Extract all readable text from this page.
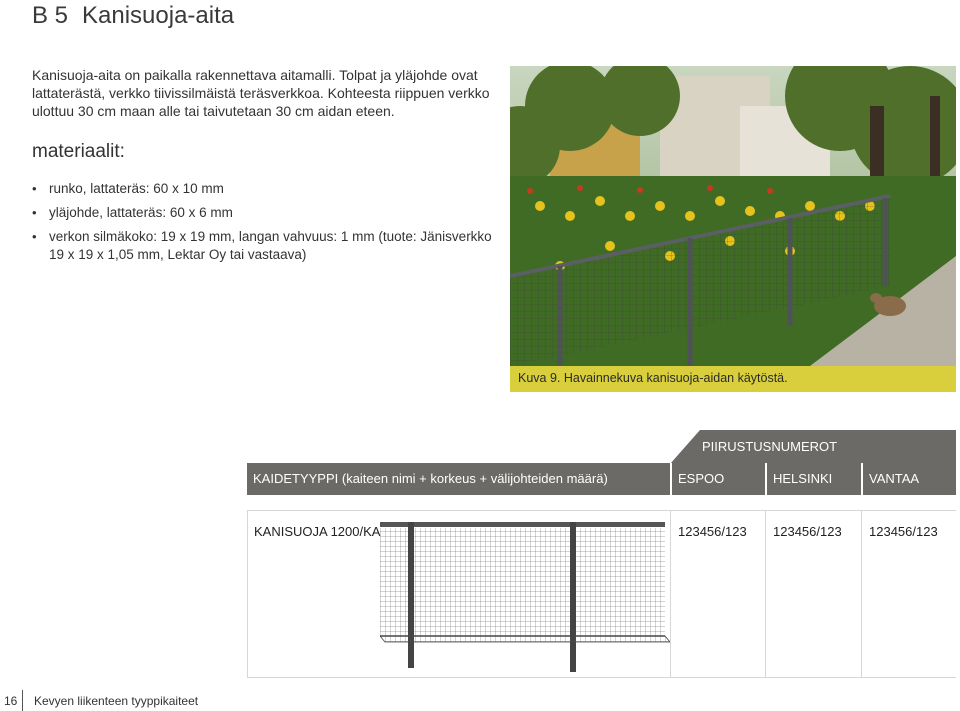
B 5 Kanisuoja-aita

Kanisuoja-aita on paikalla rakennettava aitamalli. Tolpat ja yläjohde ovat lattaterästä, verkko tiivissilmäistä teräsverkkoa. Kohteesta riippuen verkko ulottuu 30 cm maan alle tai taivutetaan 30 cm aidan eteen.

materiaalit:
• runko, lattateräs: 60 x 10 mm
• yläjohde, lattateräs: 60 x 6 mm
• verkon silmäkoko: 19 x 19 mm, langan vahvuus: 1 mm (tuote: Jänisverkko 19 x 19 x 1,05 mm, Lektar Oy tai vastaava)
Kuva 9. Havainnekuva kanisuoja-aidan käytöstä.
PIIRUSTUSNUMEROT
KAIDETYYPPI (kaiteen nimi + korkeus + välijohteiden määrä)	ESPOO	HELSINKI	VANTAA
KANISUOJA 1200/KA	123456/123 123456/123 123456/123
16 Kevyen liikenteen tyyppikaiteet
